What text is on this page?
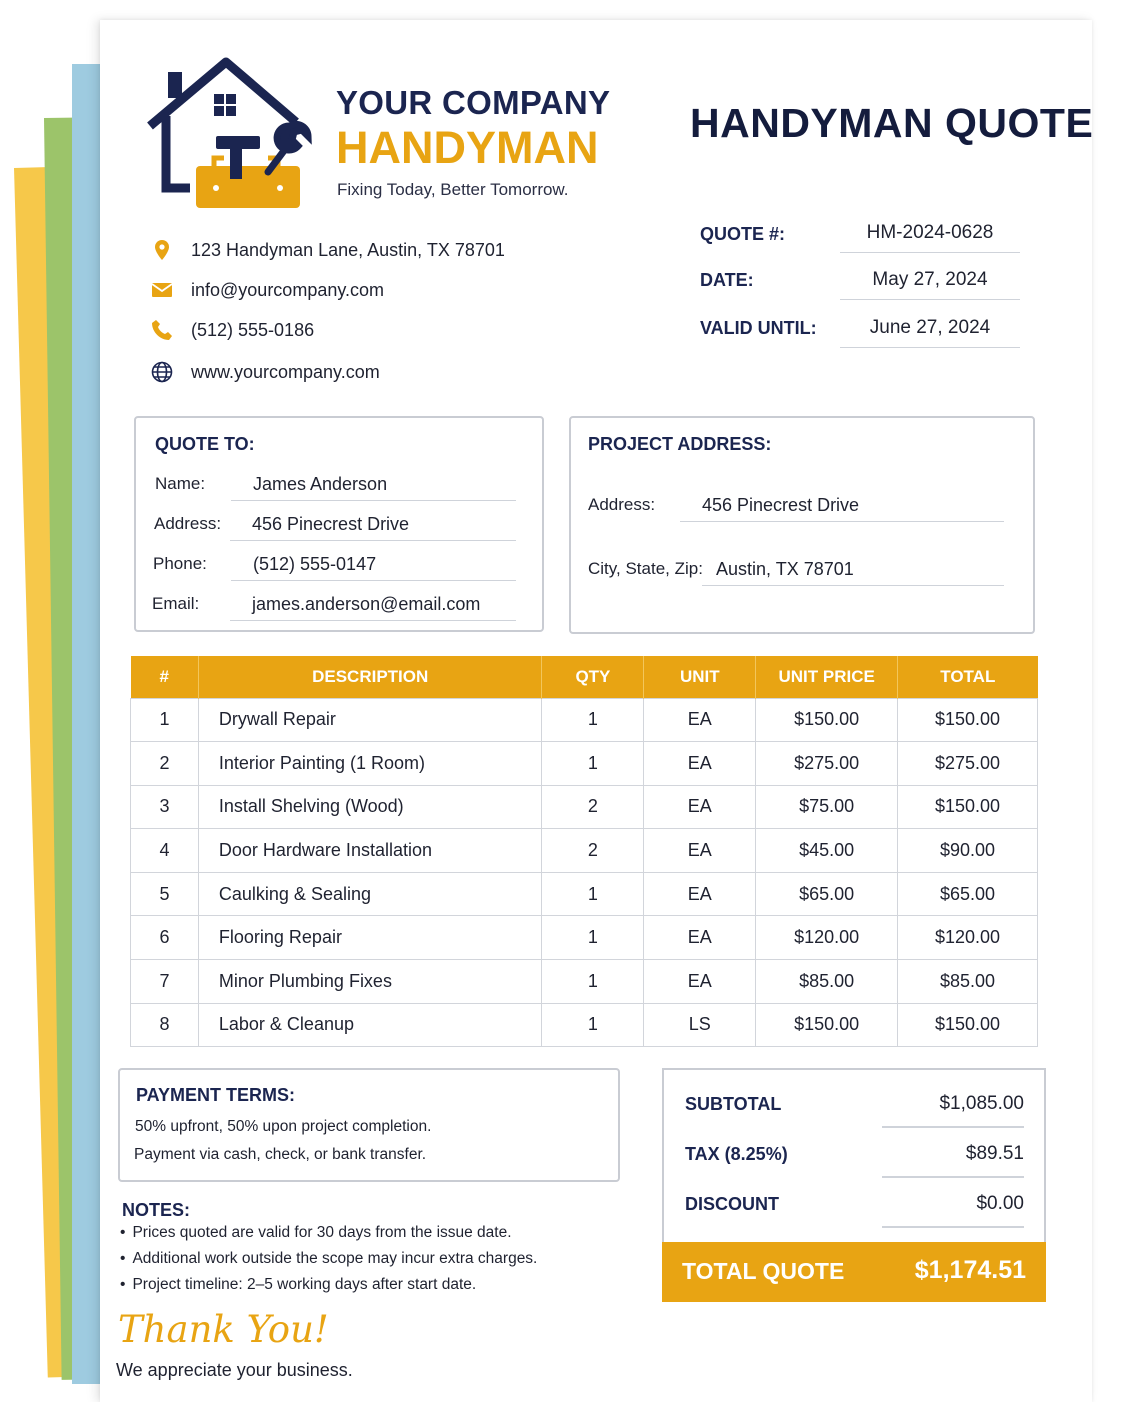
YOUR COMPANY
HANDYMAN
Fixing Today, Better Tomorrow.
HANDYMAN QUOTE
123 Handyman Lane, Austin, TX 78701
info@yourcompany.com
(512) 555-0186
www.yourcompany.com
QUOTE #:	HM-2024-0628
DATE:	May 27, 2024
VALID UNTIL:	June 27, 2024
QUOTE TO:
Name:	James Anderson
Address:	456 Pinecrest Drive
Phone:	(512) 555-0147
Email:	james.anderson@email.com
PROJECT ADDRESS:
Address:	456 Pinecrest Drive
City, State, Zip: Austin, TX 78701
#	DESCRIPTION	QTY	UNIT	UNIT PRICE	TOTAL
1	Drywall Repair	1	EA	$150.00	$150.00
2	Interior Painting (1 Room)	1	EA	$275.00	$275.00
3	Install Shelving (Wood)	2	EA	$75.00	$150.00
4	Door Hardware Installation	2	EA	$45.00	$90.00
5	Caulking & Sealing	1	EA	$65.00	$65.00
6	Flooring Repair	1	EA	$120.00	$120.00
7	Minor Plumbing Fixes	1	EA	$85.00	$85.00
8	Labor & Cleanup	1	LS	$150.00	$150.00
PAYMENT TERMS:
50% upfront, 50% upon project completion.
Payment via cash, check, or bank transfer.
NOTES:
• Prices quoted are valid for 30 days from the issue date.
• Additional work outside the scope may incur extra charges.
• Project timeline: 2–5 working days after start date.
SUBTOTAL	$1,085.00
TAX (8.25%)	$89.51
DISCOUNT	$0.00
TOTAL QUOTE	$1,174.51
Thank You!
We appreciate your business.
